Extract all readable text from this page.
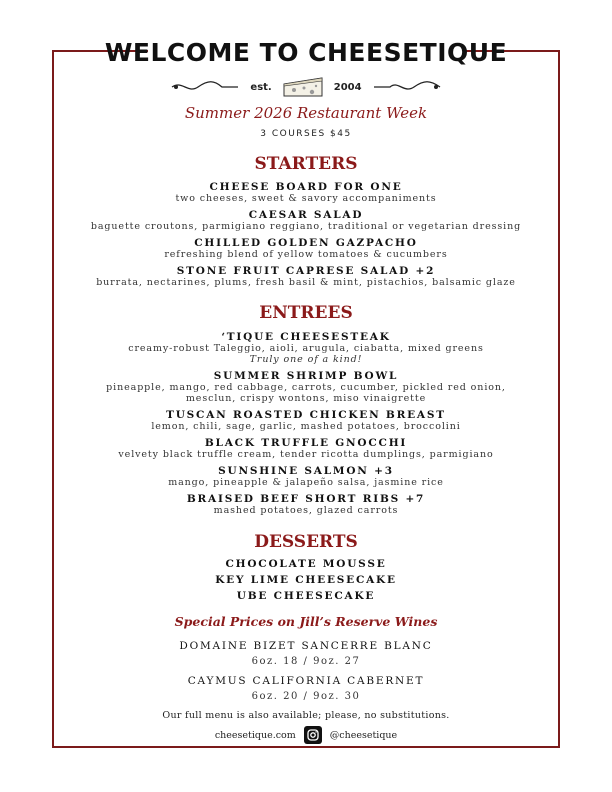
WELCOME TO CHEESETIQUE
est.	2004
Summer 2026 Restaurant Week
3 COURSES $45
STARTERS
CHEESE BOARD FOR ONE
two cheeses, sweet & savory accompaniments
CAESAR SALAD
baguette croutons, parmigiano reggiano, traditional or vegetarian dressing
CHILLED GOLDEN GAZPACHO
refreshing blend of yellow tomatoes & cucumbers
STONE FRUIT CAPRESE SALAD +2
burrata, nectarines, plums, fresh basil & mint, pistachios, balsamic glaze
ENTREES
‘TIQUE CHEESESTEAK
creamy-robust Taleggio, aioli, arugula, ciabatta, mixed greens
Truly one of a kind!
SUMMER SHRIMP BOWL
pineapple, mango, red cabbage, carrots, cucumber, pickled red onion,
mesclun, crispy wontons, miso vinaigrette
TUSCAN ROASTED CHICKEN BREAST
lemon, chili, sage, garlic, mashed potatoes, broccolini
BLACK TRUFFLE GNOCCHI
velvety black truffle cream, tender ricotta dumplings, parmigiano
SUNSHINE SALMON +3
mango, pineapple & jalapeño salsa, jasmine rice
BRAISED BEEF SHORT RIBS +7
mashed potatoes, glazed carrots
DESSERTS
CHOCOLATE MOUSSE
KEY LIME CHEESECAKE
UBE CHEESECAKE
Special Prices on Jill’s Reserve Wines
DOMAINE BIZET SANCERRE BLANC
6oz. 18 / 9oz. 27
CAYMUS CALIFORNIA CABERNET
6oz. 20 / 9oz. 30
Our full menu is also available; please, no substitutions.
cheesetique.com	@cheesetique
